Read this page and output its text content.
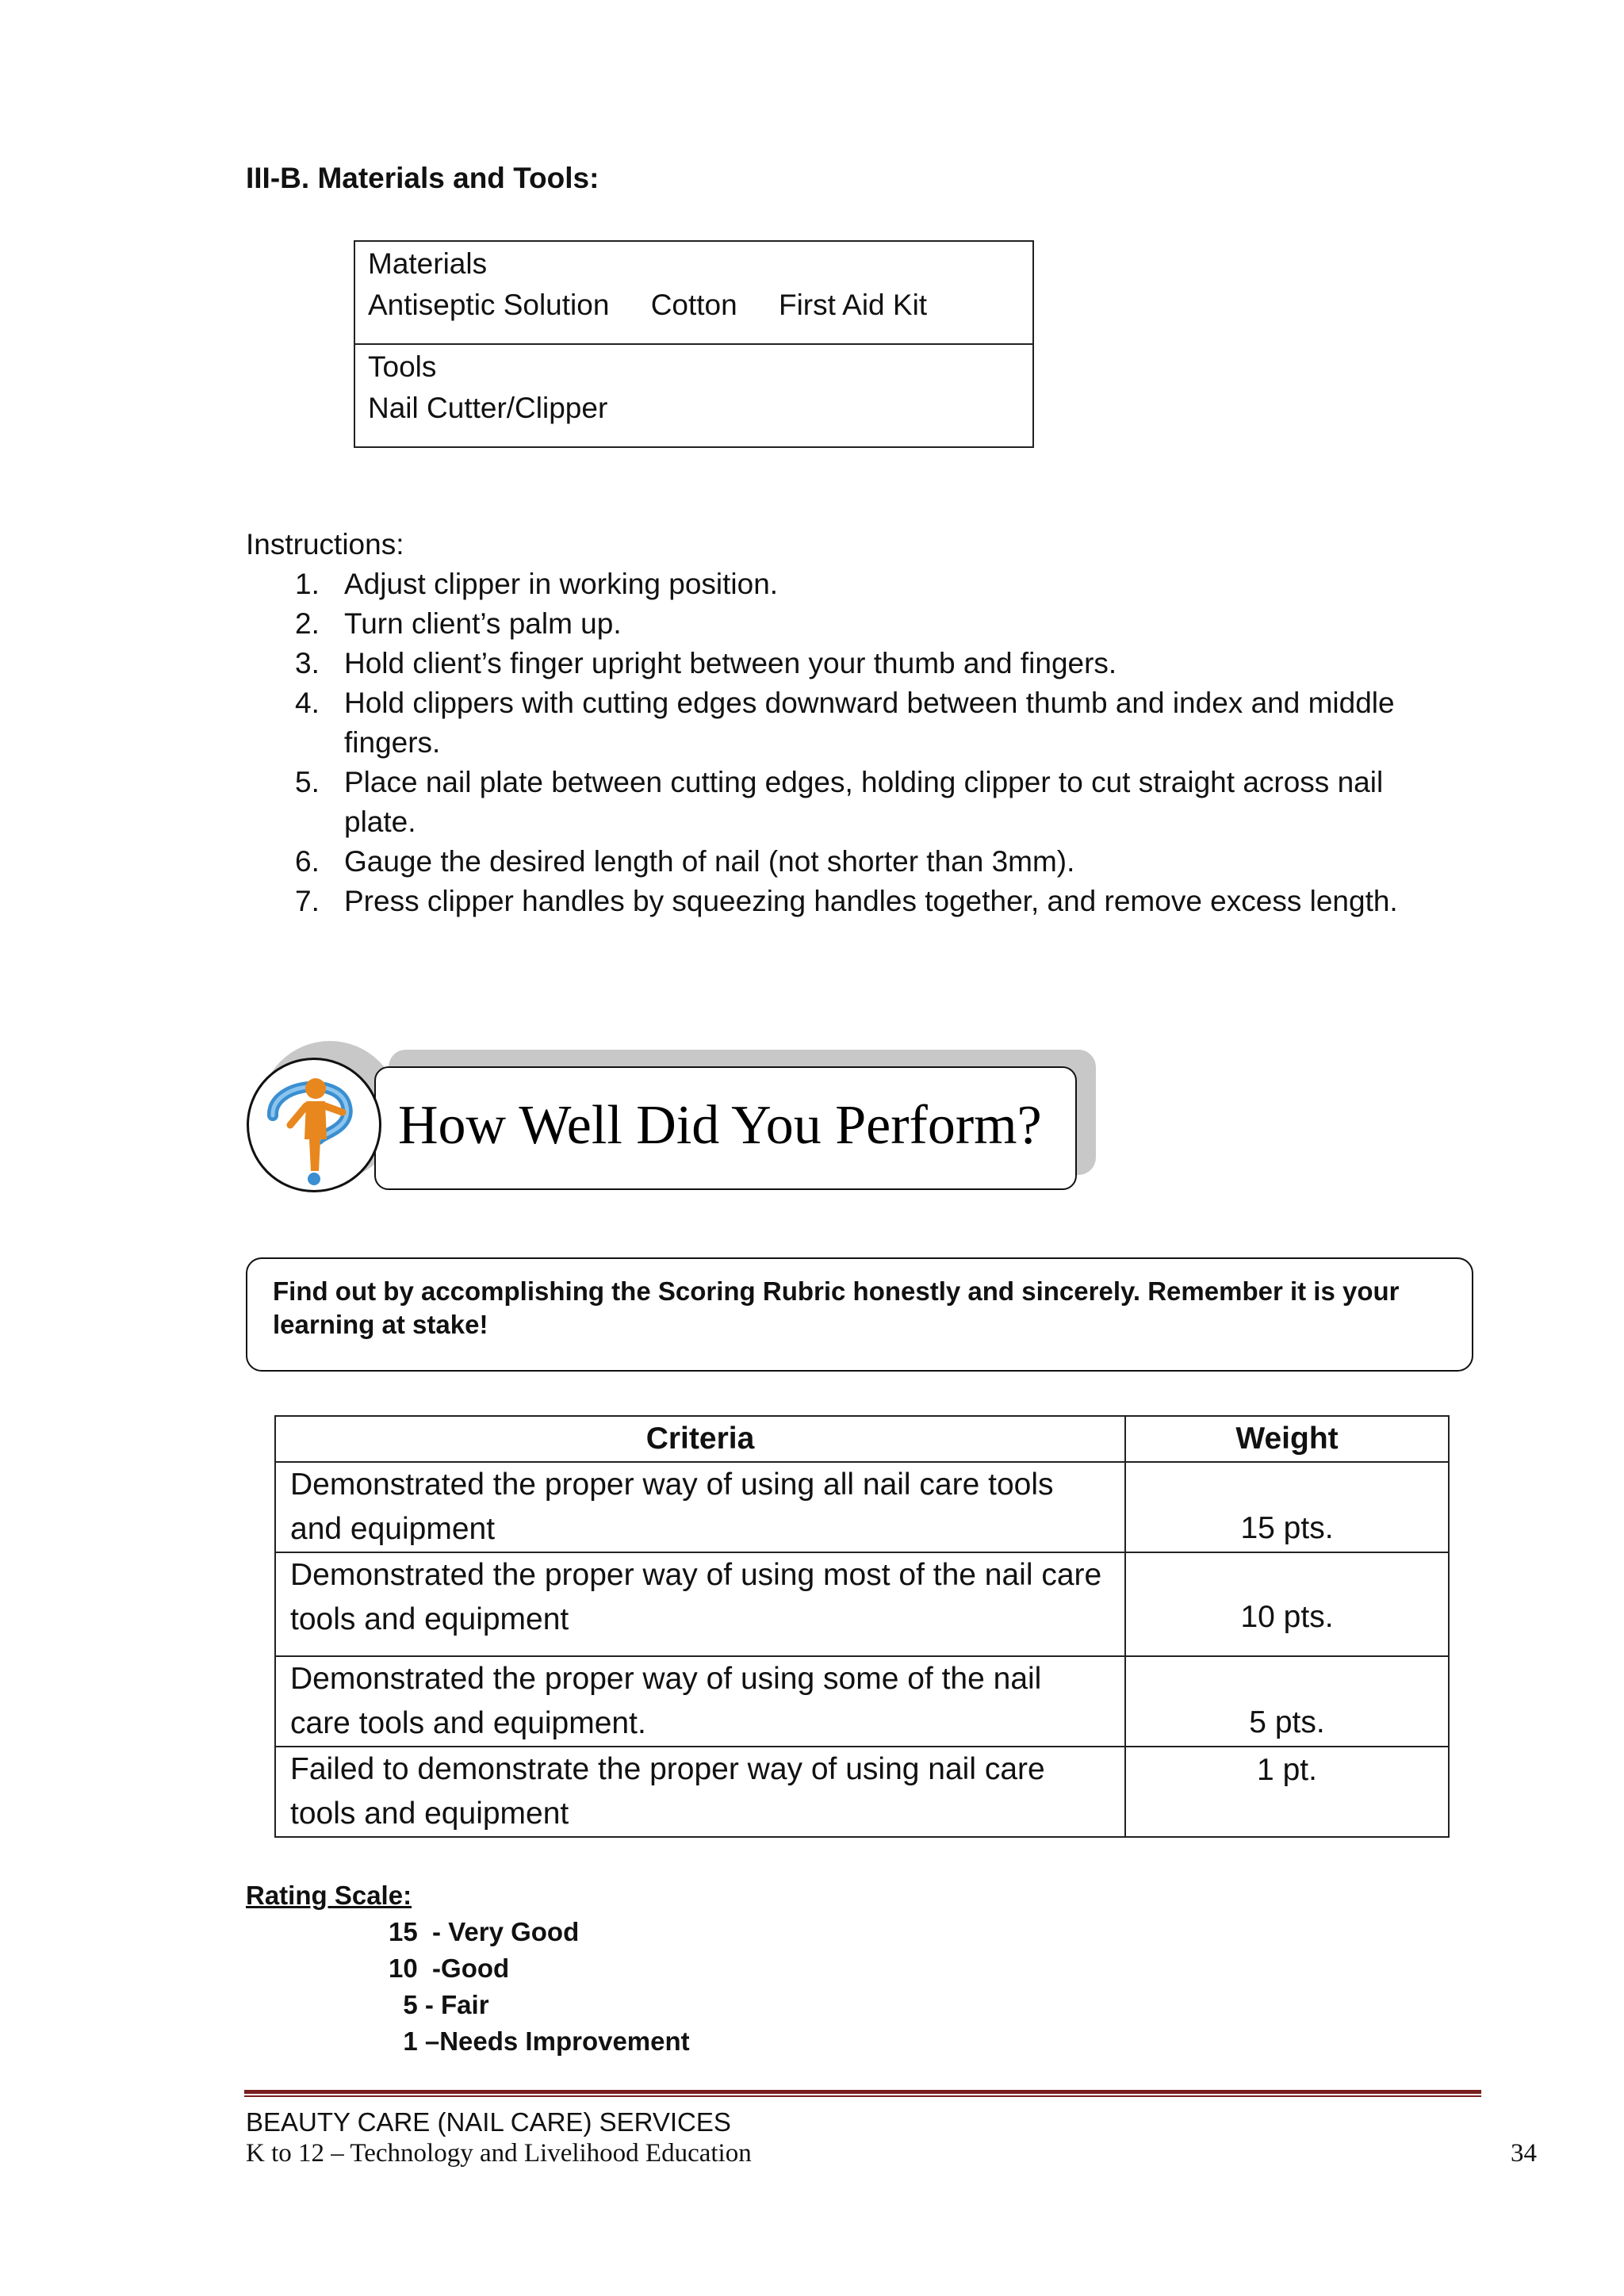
III-B. Materials and Tools:
Materials
Antiseptic Solution Cotton First Aid Kit

Tools
Nail Cutter/Clipper
Instructions:
1. Adjust clipper in working position.
2. Turn client’s palm up.
3. Hold client’s finger upright between your thumb and fingers.
4. Hold clippers with cutting edges downward between thumb and index and middle fingers.
5. Place nail plate between cutting edges, holding clipper to cut straight across nail plate.
6. Gauge the desired length of nail (not shorter than 3mm).
7. Press clipper handles by squeezing handles together, and remove excess length.
How Well Did You Perform?
Find out by accomplishing the Scoring Rubric honestly and sincerely. Remember it is your learning at stake!
Criteria	Weight
Demonstrated the proper way of using all nail care tools and equipment	15 pts.
Demonstrated the proper way of using most of the nail care tools and equipment	10 pts.
Demonstrated the proper way of using some of the nail care tools and equipment.	5 pts.
Failed to demonstrate the proper way of using nail care tools and equipment	1 pt.
Rating Scale:
15  - Very Good
10  -Good
5 - Fair
1 –Needs Improvement
BEAUTY CARE (NAIL CARE) SERVICES
K to 12 – Technology and Livelihood Education	34
